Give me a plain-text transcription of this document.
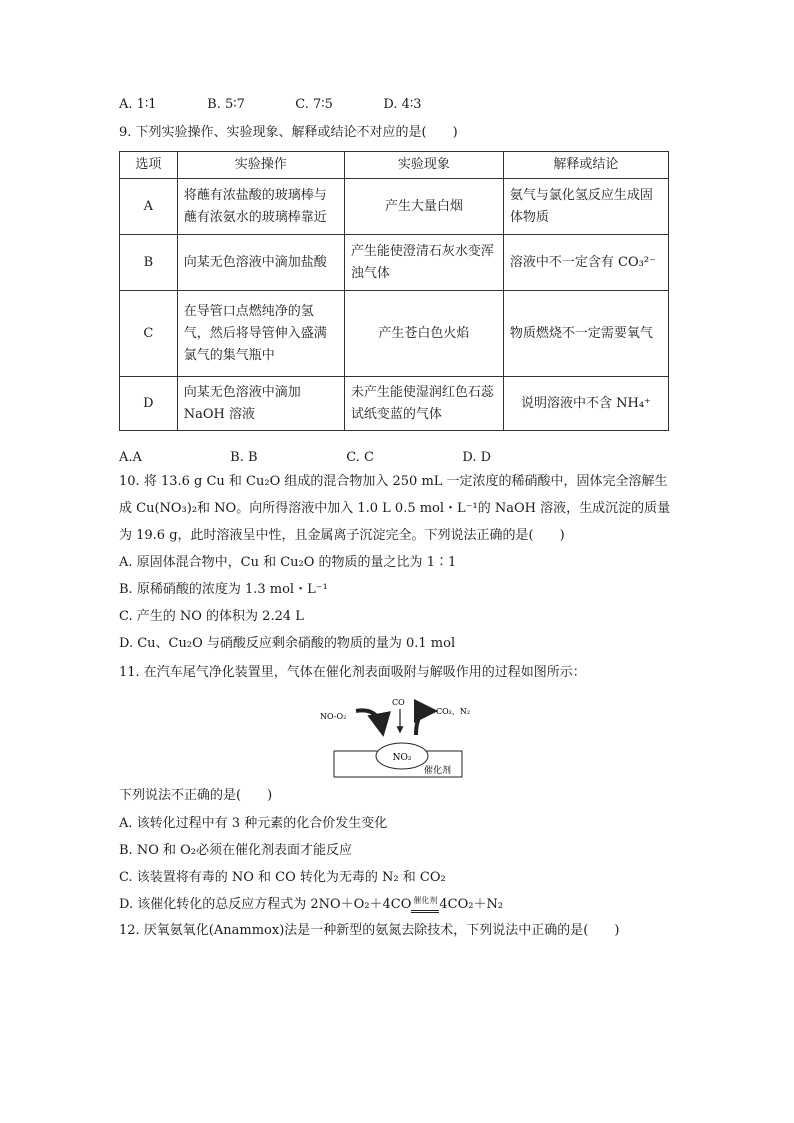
A. 1∶1	B. 5∶7	C. 7∶5	D. 4∶3
9. 下列实验操作、实验现象、解释或结论不对应的是(　　)
选项	实验操作	实验现象	解释或结论
A	将蘸有浓盐酸的玻璃棒与蘸有浓氨水的玻璃棒靠近	产生大量白烟	氨气与氯化氢反应生成固体物质
B	向某无色溶液中滴加盐酸	产生能使澄清石灰水变浑浊气体	溶液中不一定含有 CO₃²⁻
C	在导管口点燃纯净的氢气，然后将导管伸入盛满氯气的集气瓶中	产生苍白色火焰	物质燃烧不一定需要氧气
D	向某无色溶液中滴加NaOH 溶液	未产生能使湿润红色石蕊试纸变蓝的气体	说明溶液中不含 NH₄⁺
A.A	B. B	C. C	D. D
10. 将 13.6 g Cu 和 Cu₂O 组成的混合物加入 250 mL 一定浓度的稀硝酸中，固体完全溶解生
成 Cu(NO₃)₂和 NO。向所得溶液中加入 1.0 L 0.5 mol・L⁻¹的 NaOH 溶液，生成沉淀的质量
为 19.6 g，此时溶液呈中性，且金属离子沉淀完全。下列说法正确的是(　　)
A. 原固体混合物中，Cu 和 Cu₂O 的物质的量之比为 1∶1
B. 原稀硝酸的浓度为 1.3 mol・L⁻¹
C. 产生的 NO 的体积为 2.24 L
D. Cu、Cu₂O 与硝酸反应剩余硝酸的物质的量为 0.1 mol
11. 在汽车尾气净化装置里，气体在催化剂表面吸附与解吸作用的过程如图所示：
NO₂
催化剂
NO-O₂
CO
CO₂、N₂
下列说法不正确的是(　　)
A. 该转化过程中有 3 种元素的化合价发生变化
B. NO 和 O₂必须在催化剂表面才能反应
C. 该装置将有毒的 NO 和 CO 转化为无毒的 N₂ 和 CO₂
D. 该催化转化的总反应方程式为 2NO＋O₂＋4CO 催化剂 4CO₂＋N₂
12. 厌氧氨氧化(Anammox)法是一种新型的氨氮去除技术，下列说法中正确的是(　　)
